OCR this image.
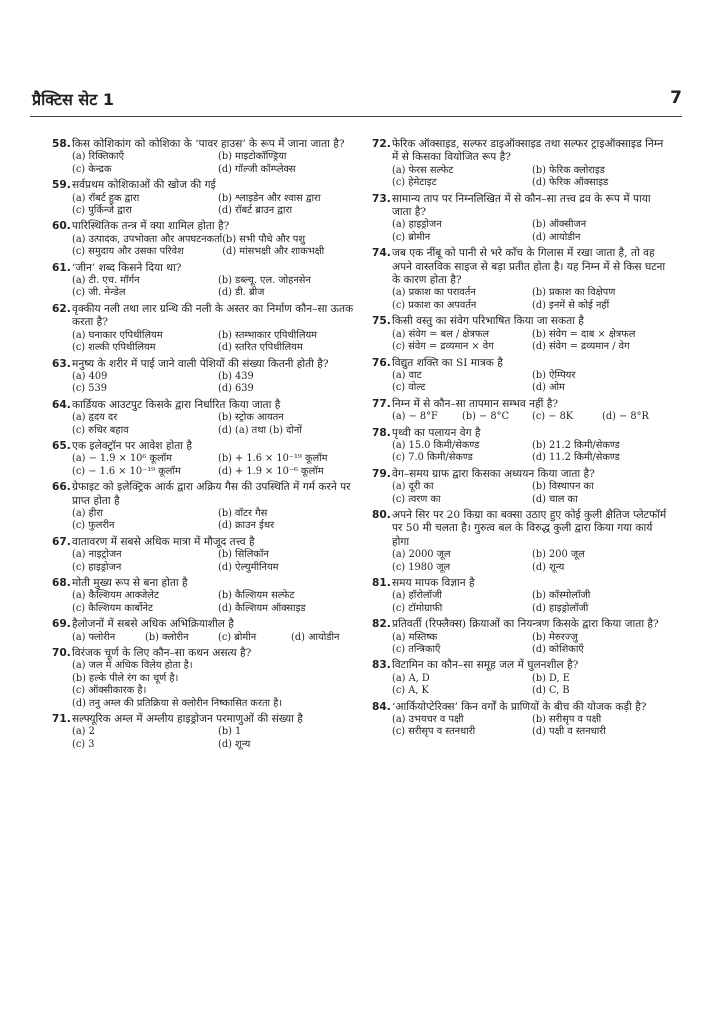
प्रैक्टिस सेट 1	7
58. किस कोशिकांग को कोशिका के ‘पावर हाउस’ के रूप में जाना जाता है?
(a) रिक्तिकाएँ	(b) माइटोकॉण्ड्रिया
(c) केन्द्रक	(d) गॉल्जी कॉम्प्लेक्स
59. सर्वप्रथम कोशिकाओं की खोज की गई
(a) रॉबर्ट हुक द्वारा	(b) श्लाइडेन और श्वास द्वारा
(c) पुर्किन्जे द्वारा	(d) रॉबर्ट ब्राउन द्वारा
60. पारिस्थितिक तन्त्र में क्या शामिल होता है?
(a) उत्पादक, उपभोक्ता और अपघटनकर्ता (b) सभी पौधे और पशु
(c) समुदाय और उसका परिवेश	(d) मांसभक्षी और शाकभक्षी
61. ‘जीन’ शब्द किसने दिया था?
(a) टी. एच. मॉर्गन	(b) डब्ल्यू. एल. जोहनसेन
(c) जी. मेन्डेल	(d) डी. ब्रीज
62. वृक्कीय नली तथा लार ग्रन्थि की नली के अस्तर का निर्माण कौन–सा ऊतक करता है?
(a) घनाकार एपिथीलियम	(b) स्तम्भाकार एपिथीलियम
(c) शल्की एपिथीलियम	(d) स्तरित एपिथीलियम
63. मनुष्य के शरीर में पाई जाने वाली पेशियों की संख्या कितनी होती है?
(a) 409	(b) 439
(c) 539	(d) 639
64. कार्डियक आउटपुट किसके द्वारा निर्धारित किया जाता है
(a) हृदय दर	(b) स्ट्रोक आयतन
(c) रुधिर बहाव	(d) (a) तथा (b) दोनों
65. एक इलेक्ट्रॉन पर आवेश होता है
(a) − 1.9 × 10⁶ कूलॉम	(b) + 1.6 × 10⁻¹⁹ कूलॉम
(c) − 1.6 × 10⁻¹⁹ कूलॉम	(d) + 1.9 × 10⁻⁶ कूलॉम
66. ग्रेफाइट को इलेक्ट्रिक आर्क द्वारा अक्रिय गैस की उपस्थिति में गर्म करने पर प्राप्त होता है
(a) हीरा	(b) वॉटर गैस
(c) फुलरीन	(d) क्राउन ईथर
67. वातावरण में सबसे अधिक मात्रा में मौजूद तत्त्व है
(a) नाइट्रोजन	(b) सिलिकॉन
(c) हाइड्रोजन	(d) ऐल्युमीनियम
68. मोती मुख्य रूप से बना होता है
(a) कैल्शियम आक्जेलेट	(b) कैल्शियम सल्फेट
(c) कैल्शियम कार्बोनेट	(d) कैल्शियम ऑक्साइड
69. हैलोजनों में सबसे अधिक अभिक्रियाशील है
(a) फ्लोरीन	(b) क्लोरीन	(c) ब्रोमीन	(d) आयोडीन
70. विरंजक चूर्ण के लिए कौन–सा कथन असत्य है?
(a) जल में अधिक विलेय होता है।
(b) हल्के पीले रंग का चूर्ण है।
(c) ऑक्सीकारक है।
(d) तनु अम्ल की प्रतिक्रिया से क्लोरीन निष्कासित करता है।
71. सल्फ्यूरिक अम्ल में अम्लीय हाइड्रोजन परमाणुओं की संख्या है
(a) 2	(b) 1
(c) 3	(d) शून्य
72. फेरिक ऑक्साइड, सल्फर डाइऑक्साइड तथा सल्फर ट्राइऑक्साइड निम्न में से किसका वियोजित रूप है?
(a) फेरस सल्फेट	(b) फेरिक क्लोराइड
(c) हेमेटाइट	(d) फेरिक ऑक्साइड
73. सामान्य ताप पर निम्नलिखित में से कौन–सा तत्त्व द्रव के रूप में पाया जाता है?
(a) हाइड्रोजन	(b) ऑक्सीजन
(c) ब्रोमीन	(d) आयोडीन
74. जब एक नींबू को पानी से भरे काँच के गिलास में रखा जाता है, तो वह अपने वास्तविक साइज से बड़ा प्रतीत होता है। यह निम्न में से किस घटना के कारण होता है?
(a) प्रकाश का परावर्तन	(b) प्रकाश का विक्षेपण
(c) प्रकाश का अपवर्तन	(d) इनमें से कोई नहीं
75. किसी वस्तु का संवेग परिभाषित किया जा सकता है
(a) संवेग = बल / क्षेत्रफल	(b) संवेग = दाब × क्षेत्रफल
(c) संवेग = द्रव्यमान × वेग	(d) संवेग = द्रव्यमान / वेग
76. विद्युत शक्ति का SI मात्रक है
(a) वाट	(b) ऐम्पियर
(c) वोल्ट	(d) ओम
77. निम्न में से कौन–सा तापमान सम्भव नहीं है?
(a) − 8°F	(b) − 8°C	(c) − 8K	(d) − 8°R
78. पृथ्वी का पलायन वेग है
(a) 15.0 किमी/सेकण्ड	(b) 21.2 किमी/सेकण्ड
(c) 7.0 किमी/सेकण्ड	(d) 11.2 किमी/सेकण्ड
79. वेग–समय ग्राफ द्वारा किसका अध्ययन किया जाता है?
(a) दूरी का	(b) विस्थापन का
(c) त्वरण का	(d) चाल का
80. अपने सिर पर 20 किग्रा का बक्सा उठाए हुए कोई कुली क्षैतिज प्लेटफॉर्म पर 50 मी चलता है। गुरुत्व बल के विरुद्ध कुली द्वारा किया गया कार्य होगा
(a) 2000 जूल	(b) 200 जूल
(c) 1980 जूल	(d) शून्य
81. समय मापक विज्ञान है
(a) हॉरोलॉजी	(b) कॉस्मोलॉजी
(c) टॉमोग्राफी	(d) हाइड्रोलॉजी
82. प्रतिवर्ती (रिफ्लैक्स) क्रियाओं का नियन्त्रण किसके द्वारा किया जाता है?
(a) मस्तिष्क	(b) मेरुरज्जु
(c) तन्त्रिकाएँ	(d) कोशिकाएँ
83. विटामिन का कौन–सा समूह जल में घुलनशील है?
(a) A, D	(b) D, E
(c) A, K	(d) C, B
84. ‘आर्कियोप्टेरिक्स’ किन वर्गों के प्राणियों के बीच की योजक कड़ी है?
(a) उभयचर व पक्षी	(b) सरीसृप व पक्षी
(c) सरीसृप व स्तनधारी	(d) पक्षी व स्तनधारी
